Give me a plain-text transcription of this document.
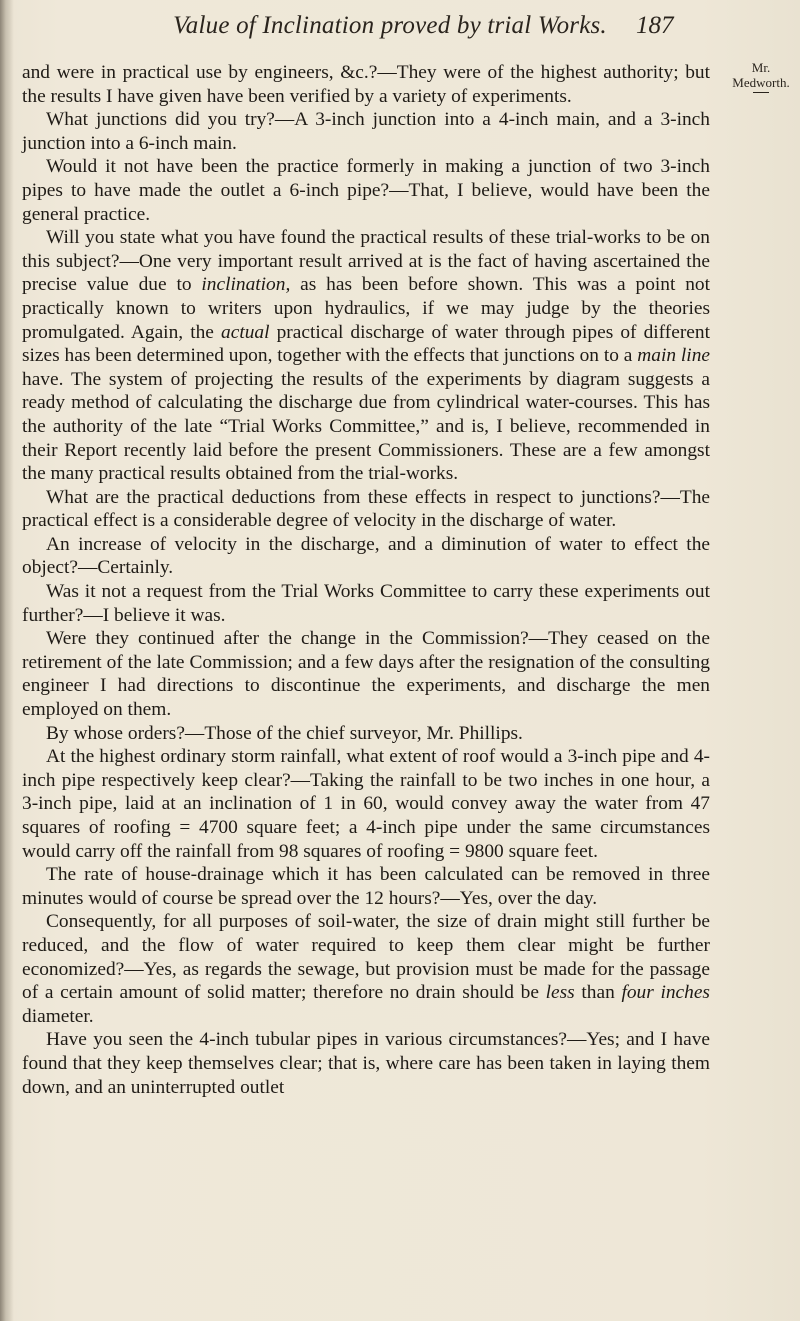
Value of Inclination proved by trial Works.	187
Mr.
Medworth.

and were in practical use by engineers, &c.?—They were of the highest authority; but the results I have given have been verified by a variety of experiments.

What junctions did you try?—A 3-inch junction into a 4-inch main, and a 3-inch junction into a 6-inch main.

Would it not have been the practice formerly in making a junction of two 3-inch pipes to have made the outlet a 6-inch pipe?—That, I believe, would have been the general practice.

Will you state what you have found the practical results of these trial-works to be on this subject?—One very important result arrived at is the fact of having ascertained the precise value due to inclination, as has been before shown. This was a point not practically known to writers upon hydraulics, if we may judge by the theories promulgated. Again, the actual practical discharge of water through pipes of different sizes has been determined upon, together with the effects that junctions on to a main line have. The system of projecting the results of the experiments by diagram suggests a ready method of calculating the discharge due from cylindrical water-courses. This has the authority of the late “Trial Works Committee,” and is, I believe, recommended in their Report recently laid before the present Commissioners. These are a few amongst the many practical results obtained from the trial-works.

What are the practical deductions from these effects in respect to junctions?—The practical effect is a considerable degree of velocity in the discharge of water.

An increase of velocity in the discharge, and a diminution of water to effect the object?—Certainly.

Was it not a request from the Trial Works Committee to carry these experiments out further?—I believe it was.

Were they continued after the change in the Commission?—They ceased on the retirement of the late Commission; and a few days after the resignation of the consulting engineer I had directions to discontinue the experiments, and discharge the men employed on them.

By whose orders?—Those of the chief surveyor, Mr. Phillips.

At the highest ordinary storm rainfall, what extent of roof would a 3-inch pipe and 4-inch pipe respectively keep clear?—Taking the rainfall to be two inches in one hour, a 3-inch pipe, laid at an inclination of 1 in 60, would convey away the water from 47 squares of roofing = 4700 square feet; a 4-inch pipe under the same circumstances would carry off the rainfall from 98 squares of roofing = 9800 square feet.

The rate of house-drainage which it has been calculated can be removed in three minutes would of course be spread over the 12 hours?—Yes, over the day.

Consequently, for all purposes of soil-water, the size of drain might still further be reduced, and the flow of water required to keep them clear might be further economized?—Yes, as regards the sewage, but provision must be made for the passage of a certain amount of solid matter; therefore no drain should be less than four inches diameter.

Have you seen the 4-inch tubular pipes in various circumstances?—Yes; and I have found that they keep themselves clear; that is, where care has been taken in laying them down, and an uninterrupted outlet
